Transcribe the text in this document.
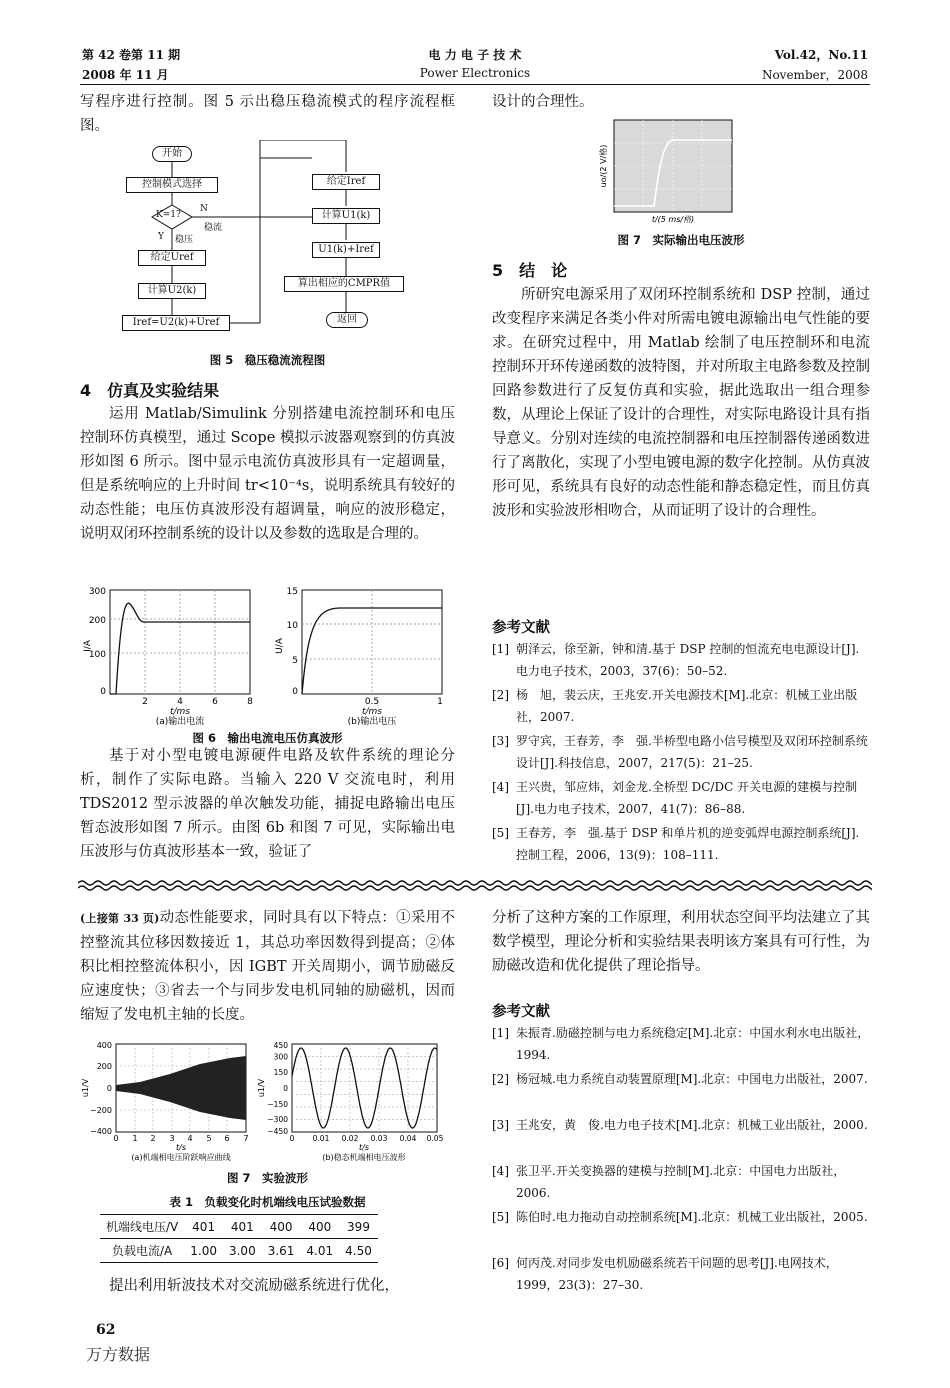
第 42 卷第 11 期
2008 年 11 月
电 力 电 子 技 术
Power Electronics
Vol.42，No.11
November，2008
写程序进行控制。图 5 示出稳压稳流模式的程序流程框图。
开始
控制模式选择
K=1?
N
稳流
Y 稳压
给定Uref
计算U2(k)
Iref=U2(k)+Uref
给定Iref
计算U1(k)
U1(k)+Iref
算出相应的CMPR值
返回
图 5　稳压稳流流程图
4　仿真及实验结果
运用 Matlab/Simulink 分别搭建电流控制环和电压控制环仿真模型，通过 Scope 模拟示波器观察到的仿真波形如图 6 所示。图中显示电流仿真波形具有一定超调量，但是系统响应的上升时间 tr<10⁻⁴s，说明系统具有较好的动态性能；电压仿真波形没有超调量，响应的波形稳定，说明双闭环控制系统的设计以及参数的选取是合理的。
300
200
100
0
2	4	6	8
I/A
t/ms
(a)输出电流
15
10
5
0
0.5	1
U/A
t/ms
(b)输出电压
图 6　输出电流电压仿真波形
基于对小型电镀电源硬件电路及软件系统的理论分析，制作了实际电路。当输入 220 V 交流电时，利用 TDS2012 型示波器的单次触发功能，捕捉电路输出电压暂态波形如图 7 所示。由图 6b 和图 7 可见，实际输出电压波形与仿真波形基本一致，验证了
设计的合理性。
uo/(2 V/格)
t/(5 ms/格)
图 7　实际输出电压波形
5　结　论
所研究电源采用了双闭环控制系统和 DSP 控制，通过改变程序来满足各类小件对所需电镀电源输出电气性能的要求。在研究过程中，用 Matlab 绘制了电压控制环和电流控制环开环传递函数的波特图，并对所取主电路参数及控制回路参数进行了反复仿真和实验，据此选取出一组合理参数，从理论上保证了设计的合理性，对实际电路设计具有指导意义。分别对连续的电流控制器和电压控制器传递函数进行了离散化，实现了小型电镀电源的数字化控制。从仿真波形可见，系统具有良好的动态性能和静态稳定性，而且仿真波形和实验波形相吻合，从而证明了设计的合理性。
参考文献
[1] 朝泽云，徐至新，钟和清.基于 DSP 控制的恒流充电电源设计[J].电力电子技术，2003，37(6)：50–52.
[2] 杨　旭，裴云庆，王兆安.开关电源技术[M].北京：机械工业出版社，2007.
[3] 罗守宾，王春芳，李　强.半桥型电路小信号模型及双闭环控制系统设计[J].科技信息，2007，217(5)：21–25.
[4] 王兴贵，邹应炜，刘金龙.全桥型 DC/DC 开关电源的建模与控制[J].电力电子技术，2007，41(7)：86–88.
[5] 王春芳，李　强.基于 DSP 和单片机的逆变弧焊电源控制系统[J].控制工程，2006，13(9)：108–111.
(上接第 33 页)动态性能要求，同时具有以下特点：①采用不控整流其位移因数接近 1，其总功率因数得到提高；②体积比相控整流体积小，因 IGBT 开关周期小，调节励磁反应速度快；③省去一个与同步发电机同轴的励磁机，因而缩短了发电机主轴的长度。
400
200
0
−200
−400
0 1 2 3 4 5 6 7
u1/V
t/s
(a)机端相电压阶跃响应曲线
450
300
150
0
−150
−300
−450
0 0.01 0.02 0.03 0.04 0.05
u1/V
t/s
(b)稳态机端相电压波形
图 7　实验波形
表 1　负载变化时机端线电压试验数据
机端线电压/V	401	401	400	400	399
负载电流/A	1.00	3.00	3.61	4.01	4.50
提出利用斩波技术对交流励磁系统进行优化，
分析了这种方案的工作原理，利用状态空间平均法建立了其数学模型，理论分析和实验结果表明该方案具有可行性，为励磁改造和优化提供了理论指导。
参考文献
[1] 朱振青.励磁控制与电力系统稳定[M].北京：中国水利水电出版社，1994.
[2] 杨冠城.电力系统自动装置原理[M].北京：中国电力出版社，2007.
[3] 王兆安，黄　俊.电力电子技术[M].北京：机械工业出版社，2000.
[4] 张卫平.开关变换器的建模与控制[M].北京：中国电力出版社，2006.
[5] 陈伯时.电力拖动自动控制系统[M].北京：机械工业出版社，2005.
[6] 何丙茂.对同步发电机励磁系统若干问题的思考[J].电网技术，1999，23(3)：27–30.
62
万方数据
